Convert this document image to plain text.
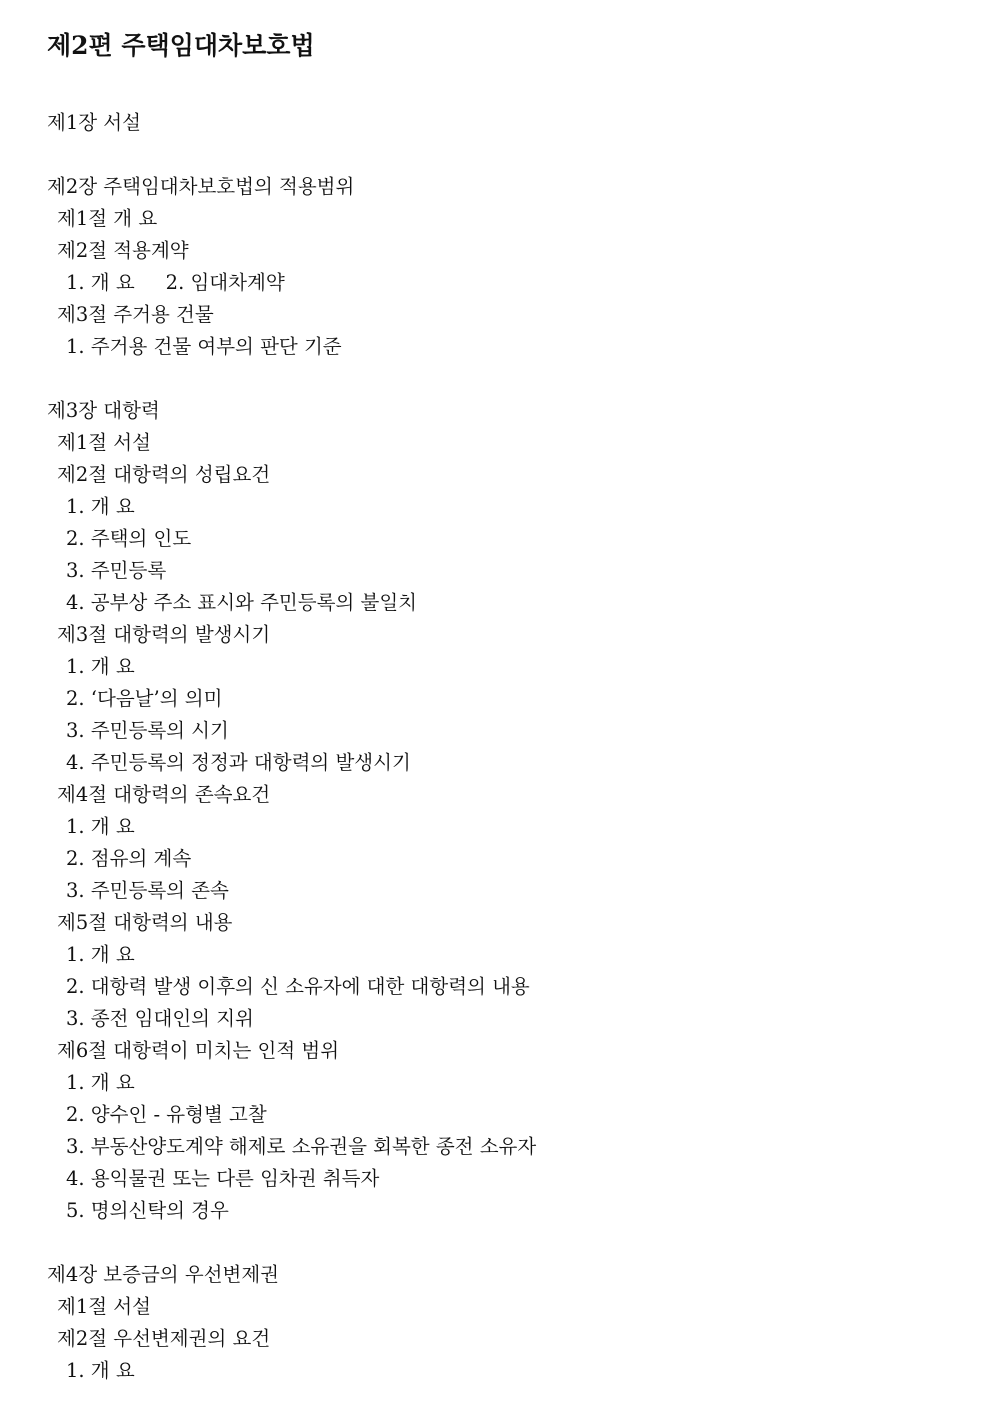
제2편 주택임대차보호법
제1장 서설
제2장 주택임대차보호법의 적용범위
제1절 개 요
제2절 적용계약
1. 개 요     2. 임대차계약
제3절 주거용 건물
1. 주거용 건물 여부의 판단 기준
제3장 대항력
제1절 서설
제2절 대항력의 성립요건
1. 개 요
2. 주택의 인도
3. 주민등록
4. 공부상 주소 표시와 주민등록의 불일치
제3절 대항력의 발생시기
1. 개 요
2. ‘다음날’의 의미
3. 주민등록의 시기
4. 주민등록의 정정과 대항력의 발생시기
제4절 대항력의 존속요건
1. 개 요
2. 점유의 계속
3. 주민등록의 존속
제5절 대항력의 내용
1. 개 요
2. 대항력 발생 이후의 신 소유자에 대한 대항력의 내용
3. 종전 임대인의 지위
제6절 대항력이 미치는 인적 범위
1. 개 요
2. 양수인 - 유형별 고찰
3. 부동산양도계약 해제로 소유권을 회복한 종전 소유자
4. 용익물권 또는 다른 임차권 취득자
5. 명의신탁의 경우
제4장 보증금의 우선변제권
제1절 서설
제2절 우선변제권의 요건
1. 개 요
